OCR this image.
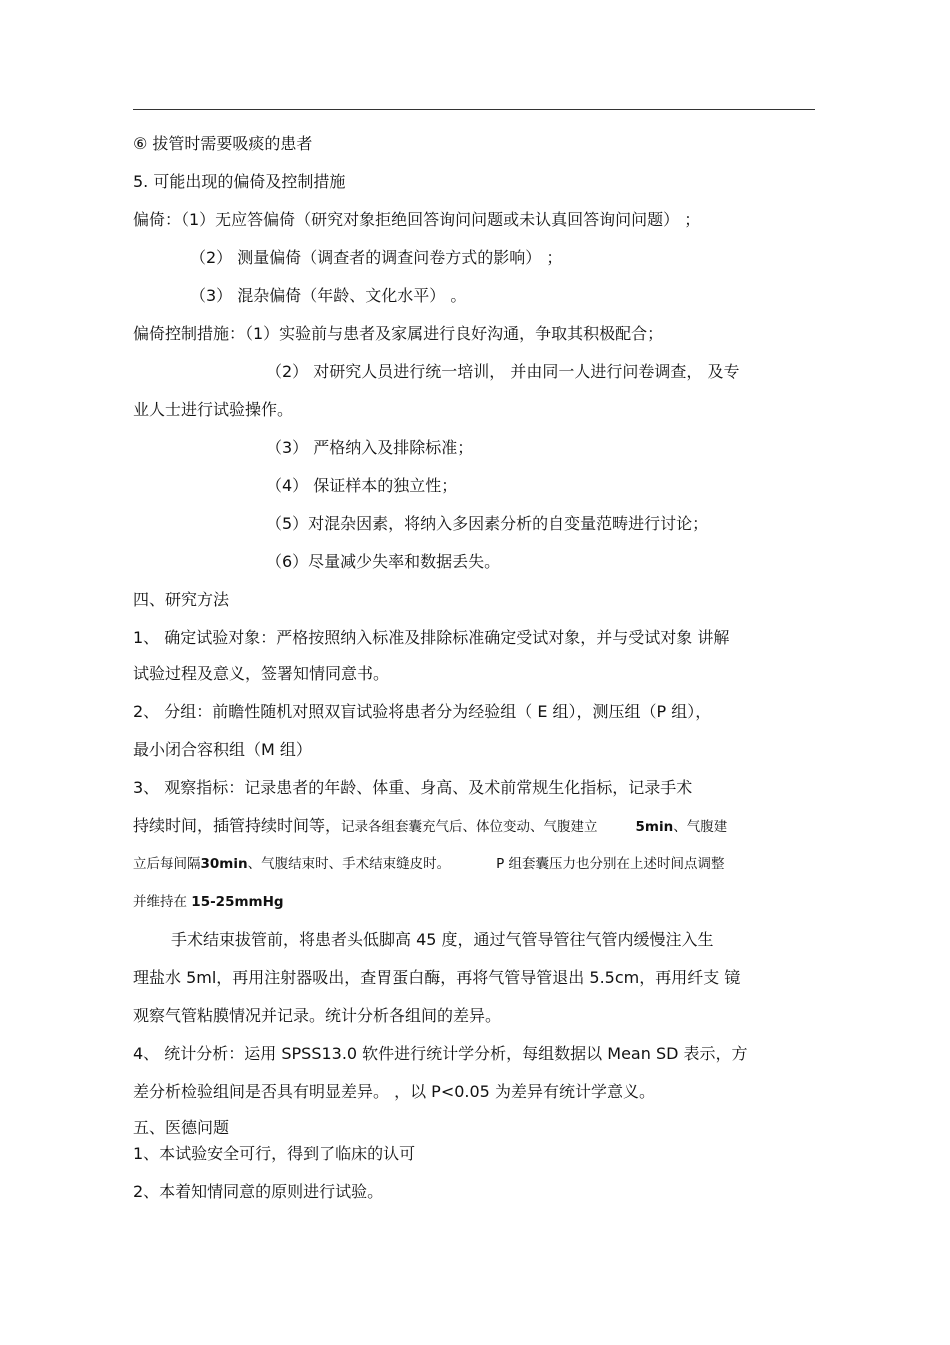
⑥ 拔管时需要吸痰的患者
5. 可能出现的偏倚及控制措施
偏倚：（1）无应答偏倚（研究对象拒绝回答询问问题或未认真回答询问问题） ；
（2） 测量偏倚（调查者的调查问卷方式的影响） ；
（3） 混杂偏倚（年龄、文化水平） 。
偏倚控制措施：（1）实验前与患者及家属进行良好沟通，争取其积极配合；
（2） 对研究人员进行统一培训， 并由同一人进行问卷调查， 及专
业人士进行试验操作。
（3） 严格纳入及排除标准；
（4） 保证样本的独立性；
（5）对混杂因素，将纳入多因素分析的自变量范畴进行讨论；
（6）尽量减少失率和数据丢失。
四、研究方法
1、 确定试验对象：严格按照纳入标准及排除标准确定受试对象，并与受试对象 讲解
试验过程及意义，签署知情同意书。
2、 分组：前瞻性随机对照双盲试验将患者分为经验组（ E 组），测压组（P 组），
最小闭合容积组（M 组）
3、 观察指标：记录患者的年龄、体重、身高、及术前常规生化指标，记录手术
持续时间，插管持续时间等，记录各组套囊充气后、体位变动、气腹建立	5min、气腹建
立后每间隔30min、气腹结束时、手术结束缝皮时。	P 组套囊压力也分别在上述时间点调整
并维持在 15-25mmHg
手术结束拔管前，将患者头低脚高 45 度，通过气管导管往气管内缓慢注入生
理盐水 5ml，再用注射器吸出，查胃蛋白酶，再将气管导管退出 5.5cm，再用纤支 镜
观察气管粘膜情况并记录。统计分析各组间的差异。
4、 统计分析：运用 SPSS13.0 软件进行统计学分析，每组数据以 Mean SD 表示，方
差分析检验组间是否具有明显差异。 ，以 P<0.05 为差异有统计学意义。
五、医德问题
1、本试验安全可行，得到了临床的认可
2、本着知情同意的原则进行试验。
